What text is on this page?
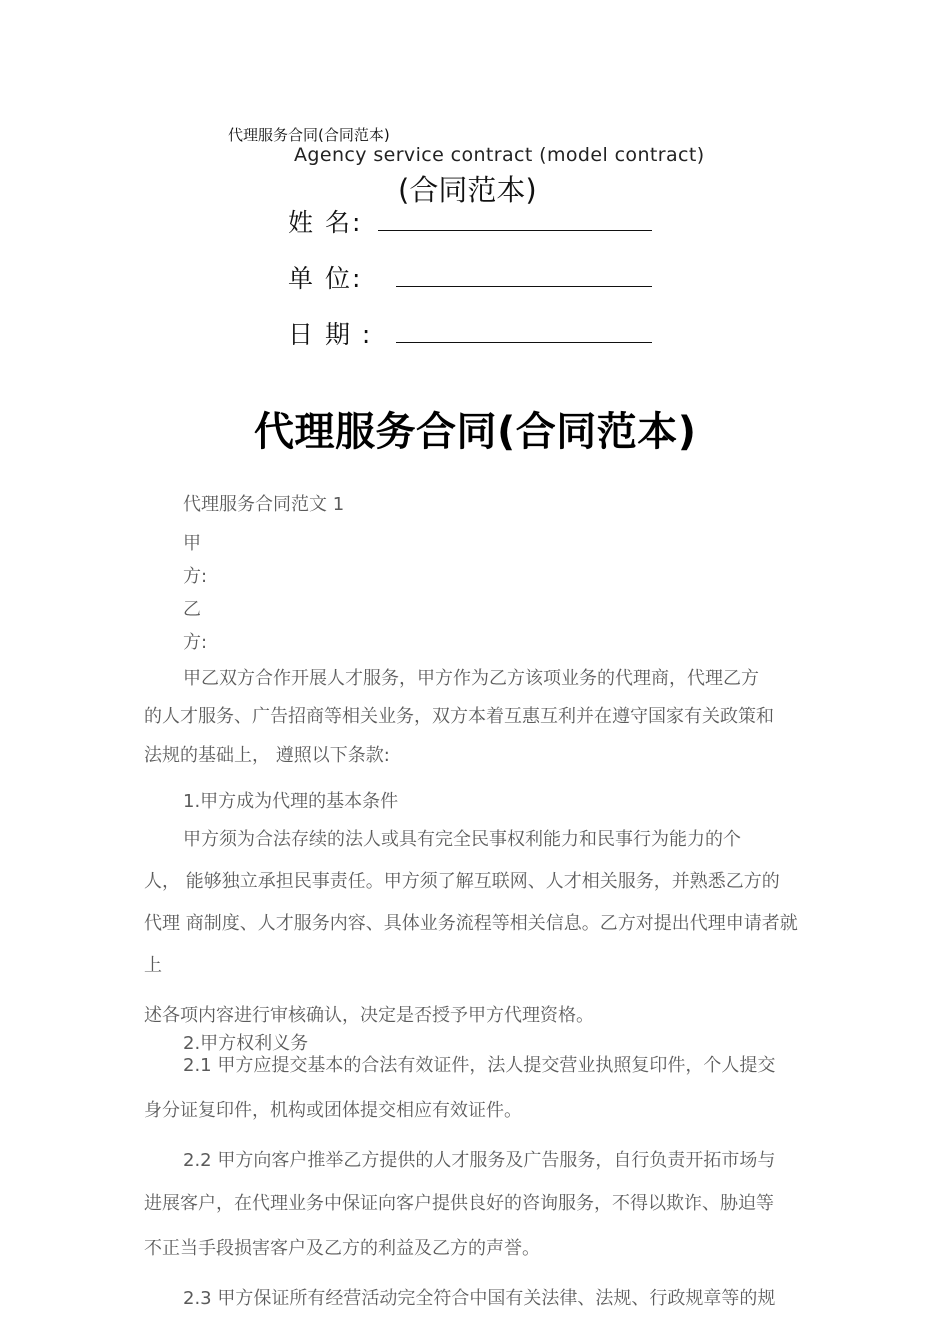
代理服务合同(合同范本)
Agency service contract (model contract)
(合同范本)
姓 名:
单 位:
日 期 :
代理服务合同(合同范本)
代理服务合同范文 1
甲
方:
乙
方:
甲乙双方合作开展人才服务，甲方作为乙方该项业务的代理商，代理乙方
的人才服务、广告招商等相关业务，双方本着互惠互利并在遵守国家有关政策和
法规的基础上， 遵照以下条款:
1.甲方成为代理的基本条件
甲方须为合法存续的法人或具有完全民事权利能力和民事行为能力的个
人， 能够独立承担民事责任。甲方须了解互联网、人才相关服务，并熟悉乙方的
代理 商制度、人才服务内容、具体业务流程等相关信息。乙方对提出代理申请者就
上
述各项内容进行审核确认，决定是否授予甲方代理资格。
2.甲方权利义务
2.1 甲方应提交基本的合法有效证件，法人提交营业执照复印件，个人提交
身分证复印件，机构或团体提交相应有效证件。
2.2 甲方向客户推举乙方提供的人才服务及广告服务，自行负责开拓市场与
进展客户，在代理业务中保证向客户提供良好的咨询服务，不得以欺诈、胁迫等
不正当手段损害客户及乙方的利益及乙方的声誉。
2.3 甲方保证所有经营活动完全符合中国有关法律、法规、行政规章等的规
